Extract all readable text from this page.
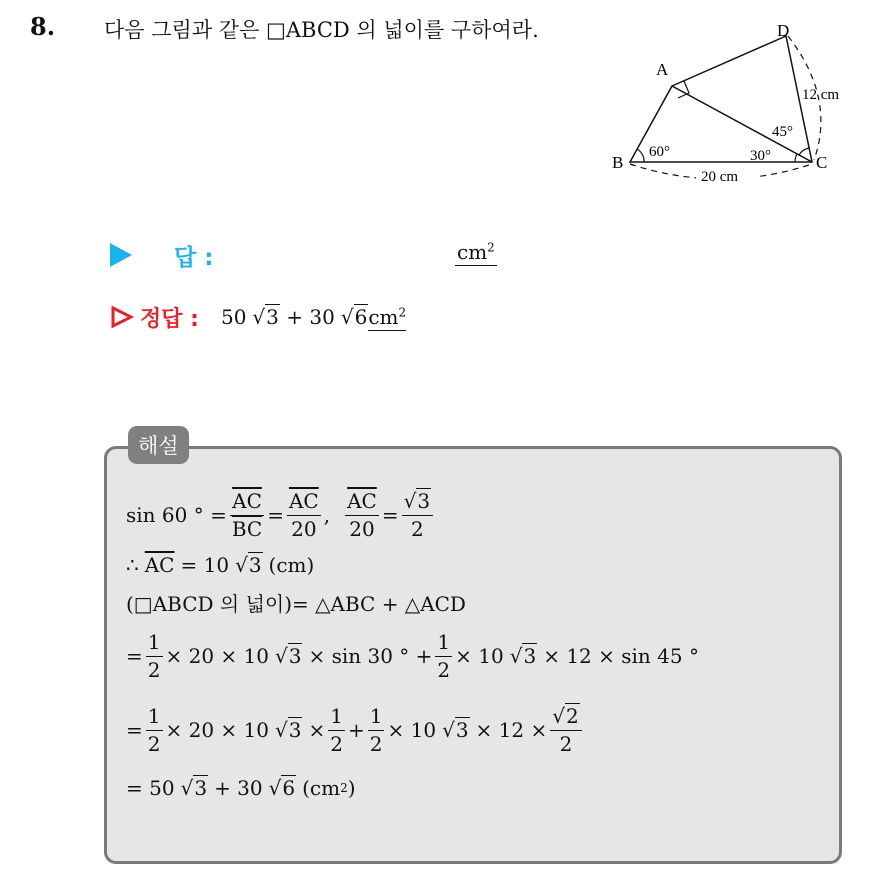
8. 다음 그림과 같은 □ABCD 의 넓이를 구하여라.
A
B	C
D
60°	30°
45°
12 cm
20 cm
답 :	$cm^2$
정답 : 50 √3 + 30 $√6cm^2$
해설
sin 60 ° = $\frac{\overline{AC}}{BC} = \frac{\overline{AC}}{20}$ , $\frac{\overline{AC}}{20} = \frac{√3}{2}$
∴ $\overline{AC} = 10$ √3 (cm)
(□ABCD 의 넓이)= △ABC + △ACD
= $\frac{1}{2} \times 20 \times 10$ √3 × sin 30 ° + $\frac{1}{2} \times 10$ √3 × 12 × sin 45 °
= $\frac{1}{2} \times 20 \times 10$ $√3 \times \frac{1}{2} + \frac{1}{2} \times 10$ $√3 \times 12 \times \frac{√2}{2}$
= 50 √3 + 30 √6 (cm 2 )
